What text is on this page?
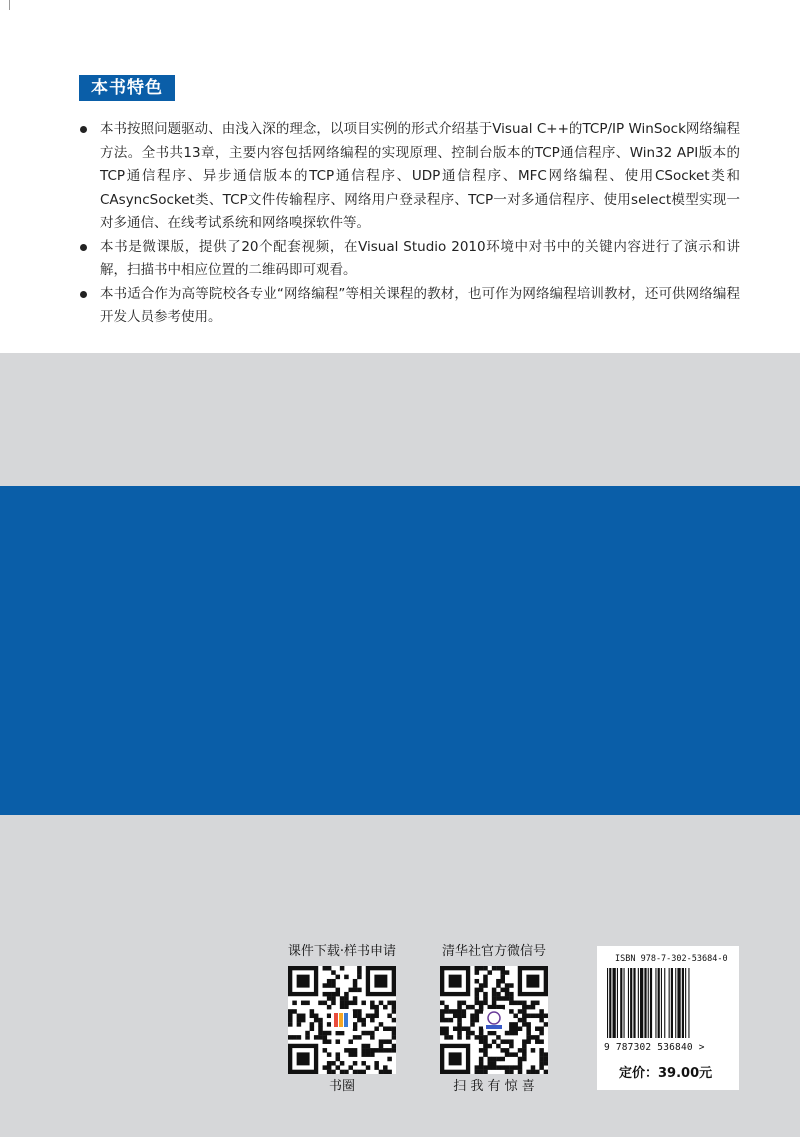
本书特色
本书按照问题驱动、由浅入深的理念，以项目实例的形式介绍基于Visual C++的TCP/IP WinSock网络编程方法。全书共13章，主要内容包括网络编程的实现原理、控制台版本的TCP通信程序、Win32 API版本的TCP通信程序、异步通信版本的TCP通信程序、UDP通信程序、MFC网络编程、使用CSocket类和CAsyncSocket类、TCP文件传输程序、网络用户登录程序、TCP一对多通信程序、使用select模型实现一对多通信、在线考试系统和网络嗅探软件等。
本书是微课版，提供了20个配套视频，在Visual Studio 2010环境中对书中的关键内容进行了演示和讲解，扫描书中相应位置的二维码即可观看。
本书适合作为高等院校各专业“网络编程”等相关课程的教材，也可作为网络编程培训教材，还可供网络编程开发人员参考使用。
课件下载·样书申请
书圈
清华社官方微信号
扫 我 有 惊 喜
ISBN 978-7-302-53684-0
9 787302 536840 >
定价：39.00元
